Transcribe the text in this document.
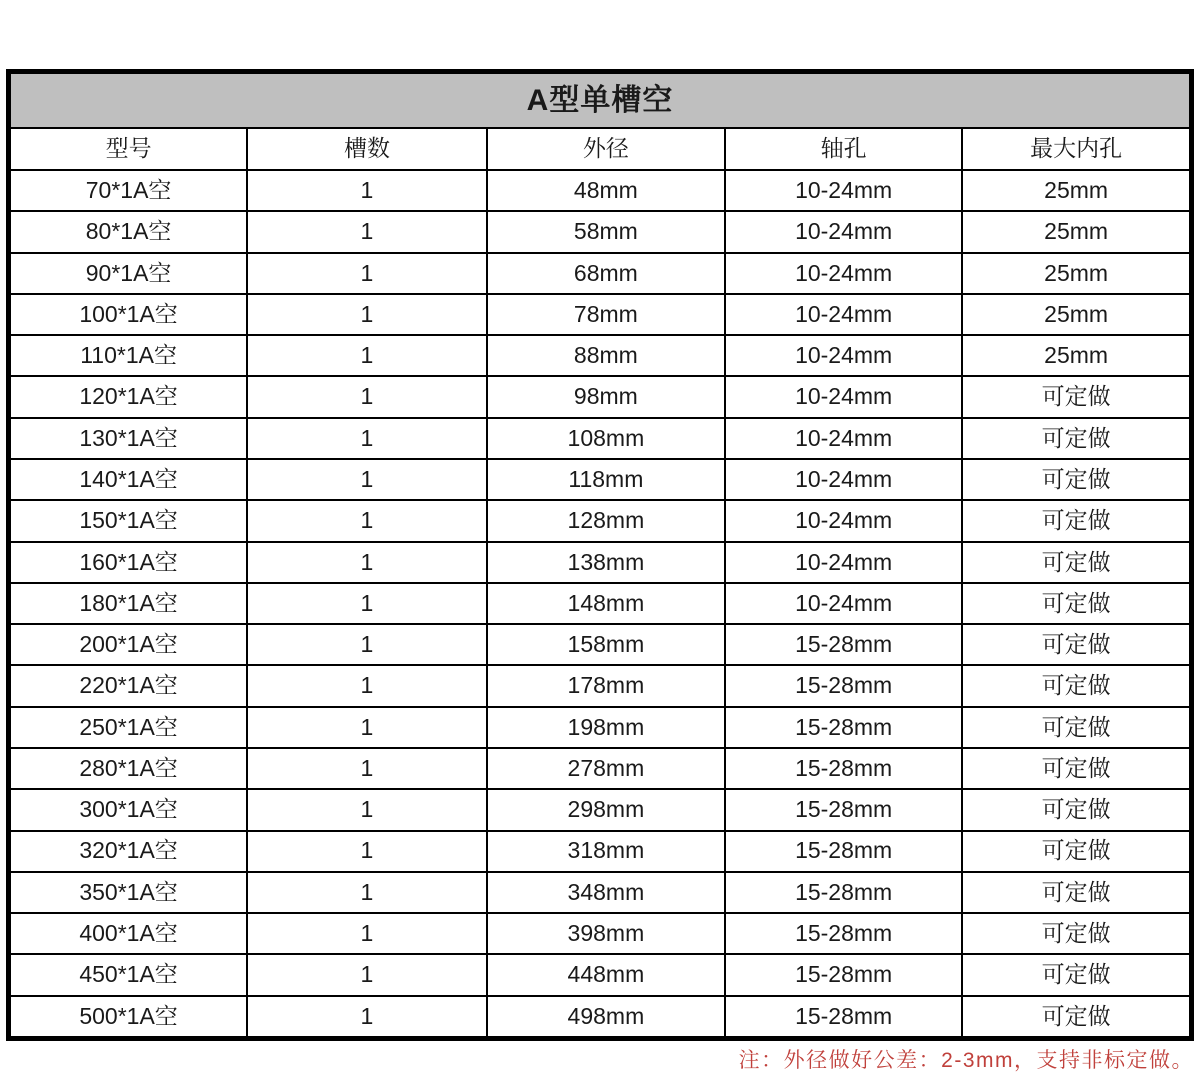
A型单槽空				
型号	槽数	外径	轴孔	最大内孔
70*1A空	1	48mm	10-24mm	25mm
80*1A空	1	58mm	10-24mm	25mm
90*1A空	1	68mm	10-24mm	25mm
100*1A空	1	78mm	10-24mm	25mm
110*1A空	1	88mm	10-24mm	25mm
120*1A空	1	98mm	10-24mm	可定做
130*1A空	1	108mm	10-24mm	可定做
140*1A空	1	118mm	10-24mm	可定做
150*1A空	1	128mm	10-24mm	可定做
160*1A空	1	138mm	10-24mm	可定做
180*1A空	1	148mm	10-24mm	可定做
200*1A空	1	158mm	15-28mm	可定做
220*1A空	1	178mm	15-28mm	可定做
250*1A空	1	198mm	15-28mm	可定做
280*1A空	1	278mm	15-28mm	可定做
300*1A空	1	298mm	15-28mm	可定做
320*1A空	1	318mm	15-28mm	可定做
350*1A空	1	348mm	15-28mm	可定做
400*1A空	1	398mm	15-28mm	可定做
450*1A空	1	448mm	15-28mm	可定做
500*1A空	1	498mm	15-28mm	可定做
注：外径做好公差：2-3mm，支持非标定做。
